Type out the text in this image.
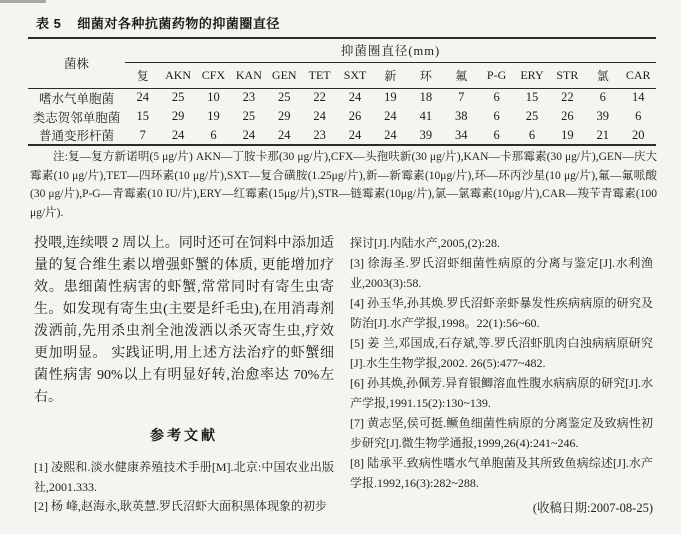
表 5 细菌对各种抗菌药物的抑菌圈直径
菌株	抑菌圈直径(mm)														
	复	AKN	CFX	KAN	GEN	TET	SXT	新	环	氟	P-G	ERY	STR	氯	CAR
嗜水气单胞菌	24	25	10	23	25	22	24	19	18	7	6	15	22	6	14
类志贺邻单胞菌	15	29	19	25	29	24	26	24	41	38	6	25	26	39	6
普通变形杆菌	7	24	6	24	24	23	24	24	39	34	6	6	19	21	20

注:复—复方新诺明(5 μg/片) AKN—丁胺卡那(30 μg/片),CFX—头孢呋新(30 μg/片),KAN—卡那霉素(30 μg/片),GEN—庆大霉素(10 μg/片),TET—四环素(10 μg/片),SXT—复合磺胺(1.25μg/片),新—新霉素(10μg/片),环—环丙沙星(10 μg/片),氟—氟哌酸(30 μg/片),P-G—青霉素(10 IU/片),ERY—红霉素(15μg/片),STR—链霉素(10μg/片),氯—氯霉素(10μg/片),CAR—羧苄青霉素(100 μg/片).

投喂,连续喂 2 周以上。同时还可在饲料中添加适量的复合维生素以增强虾蟹的体质, 更能增加疗效。患细菌性病害的虾蟹,常常同时有寄生虫寄生。如发现有寄生虫(主要是纤毛虫),在用消毒剂泼洒前,先用杀虫剂全池泼洒以杀灭寄生虫,疗效更加明显。 实践证明,用上述方法治疗的虾蟹细菌性病害 90%以上有明显好转,治愈率达 70%左右。

参考文献

[1] 凌熙和.淡水健康养殖技术手册[M].北京:中国农业出版社,2001.333.

[2] 杨 峰,赵海永,耿英慧.罗氏沼虾大面积黑体现象的初步

探讨[J].内陆水产,2005,(2):28.

[3] 徐海圣.罗氏沼虾细菌性病原的分离与鉴定[J].水利渔业,2003(3):58.

[4] 孙玉华,孙其焕.罗氏沼虾亲虾暴发性疾病病原的研究及防治[J].水产学报,1998。22(1):56~60.

[5] 姜 兰,邓国成,石存斌,等.罗氏沼虾肌肉白浊病病原研究[J].水生生物学报,2002. 26(5):477~482.

[6] 孙其焕,孙佩芳.异育银鲫溶血性腹水病病原的研究[J].水产学报,1991.15(2):130~139.

[7] 黄志坚,侯可挺.鳜鱼细菌性病原的分离鉴定及致病性初步研究[J].微生物学通报,1999,26(4):241~246.

[8] 陆承平.致病性嗜水气单胞菌及其所致鱼病综述[J].水产学报.1992,16(3):282~288.

(收稿日期:2007-08-25)
